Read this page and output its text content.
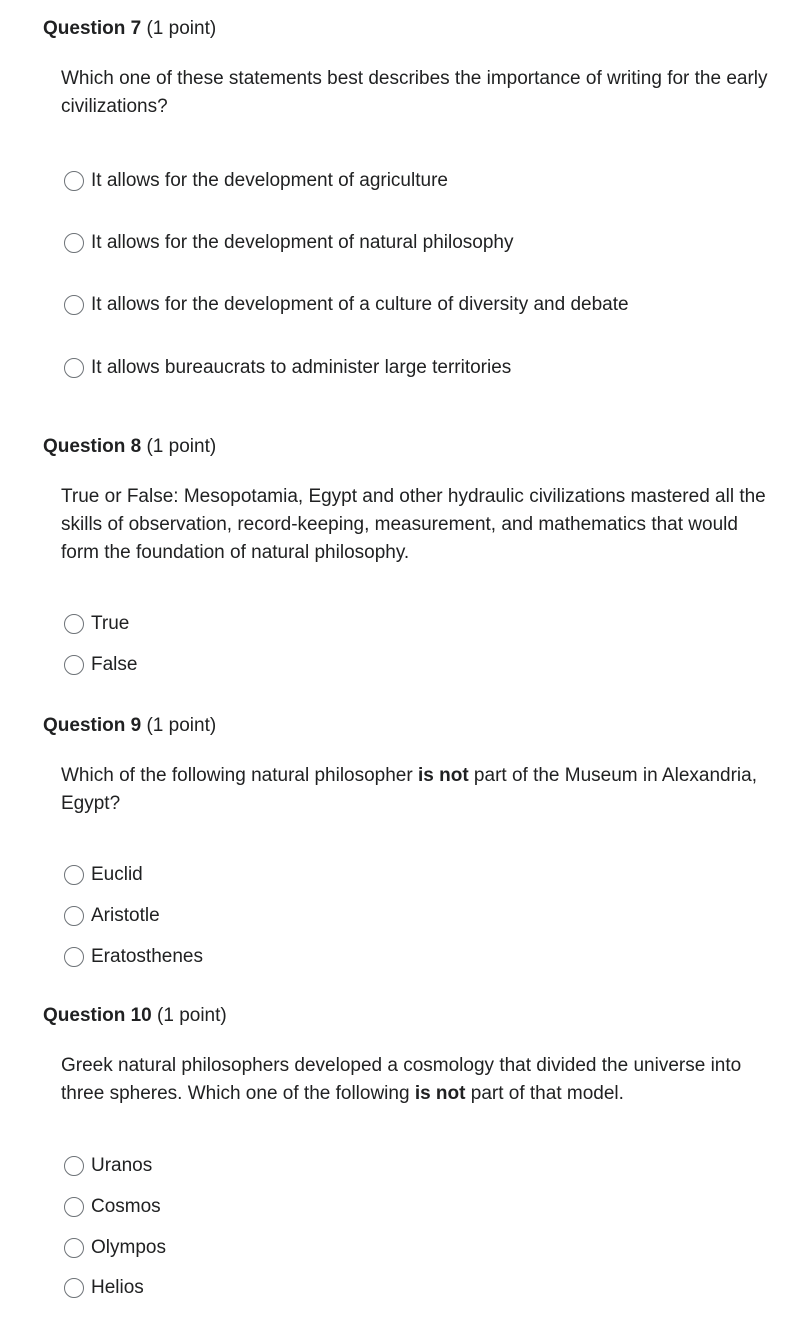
Question 7 (1 point)
Which one of these statements best describes the importance of writing for the early civilizations?
It allows for the development of agriculture
It allows for the development of natural philosophy
It allows for the development of a culture of diversity and debate
It allows bureaucrats to administer large territories
Question 8 (1 point)
True or False: Mesopotamia, Egypt and other hydraulic civilizations mastered all the skills of observation, record-keeping, measurement, and mathematics that would form the foundation of natural philosophy.
True
False
Question 9 (1 point)
Which of the following natural philosopher is not part of the Museum in Alexandria, Egypt?
Euclid
Aristotle
Eratosthenes
Question 10 (1 point)
Greek natural philosophers developed a cosmology that divided the universe into three spheres. Which one of the following is not part of that model.
Uranos
Cosmos
Olympos
Helios
